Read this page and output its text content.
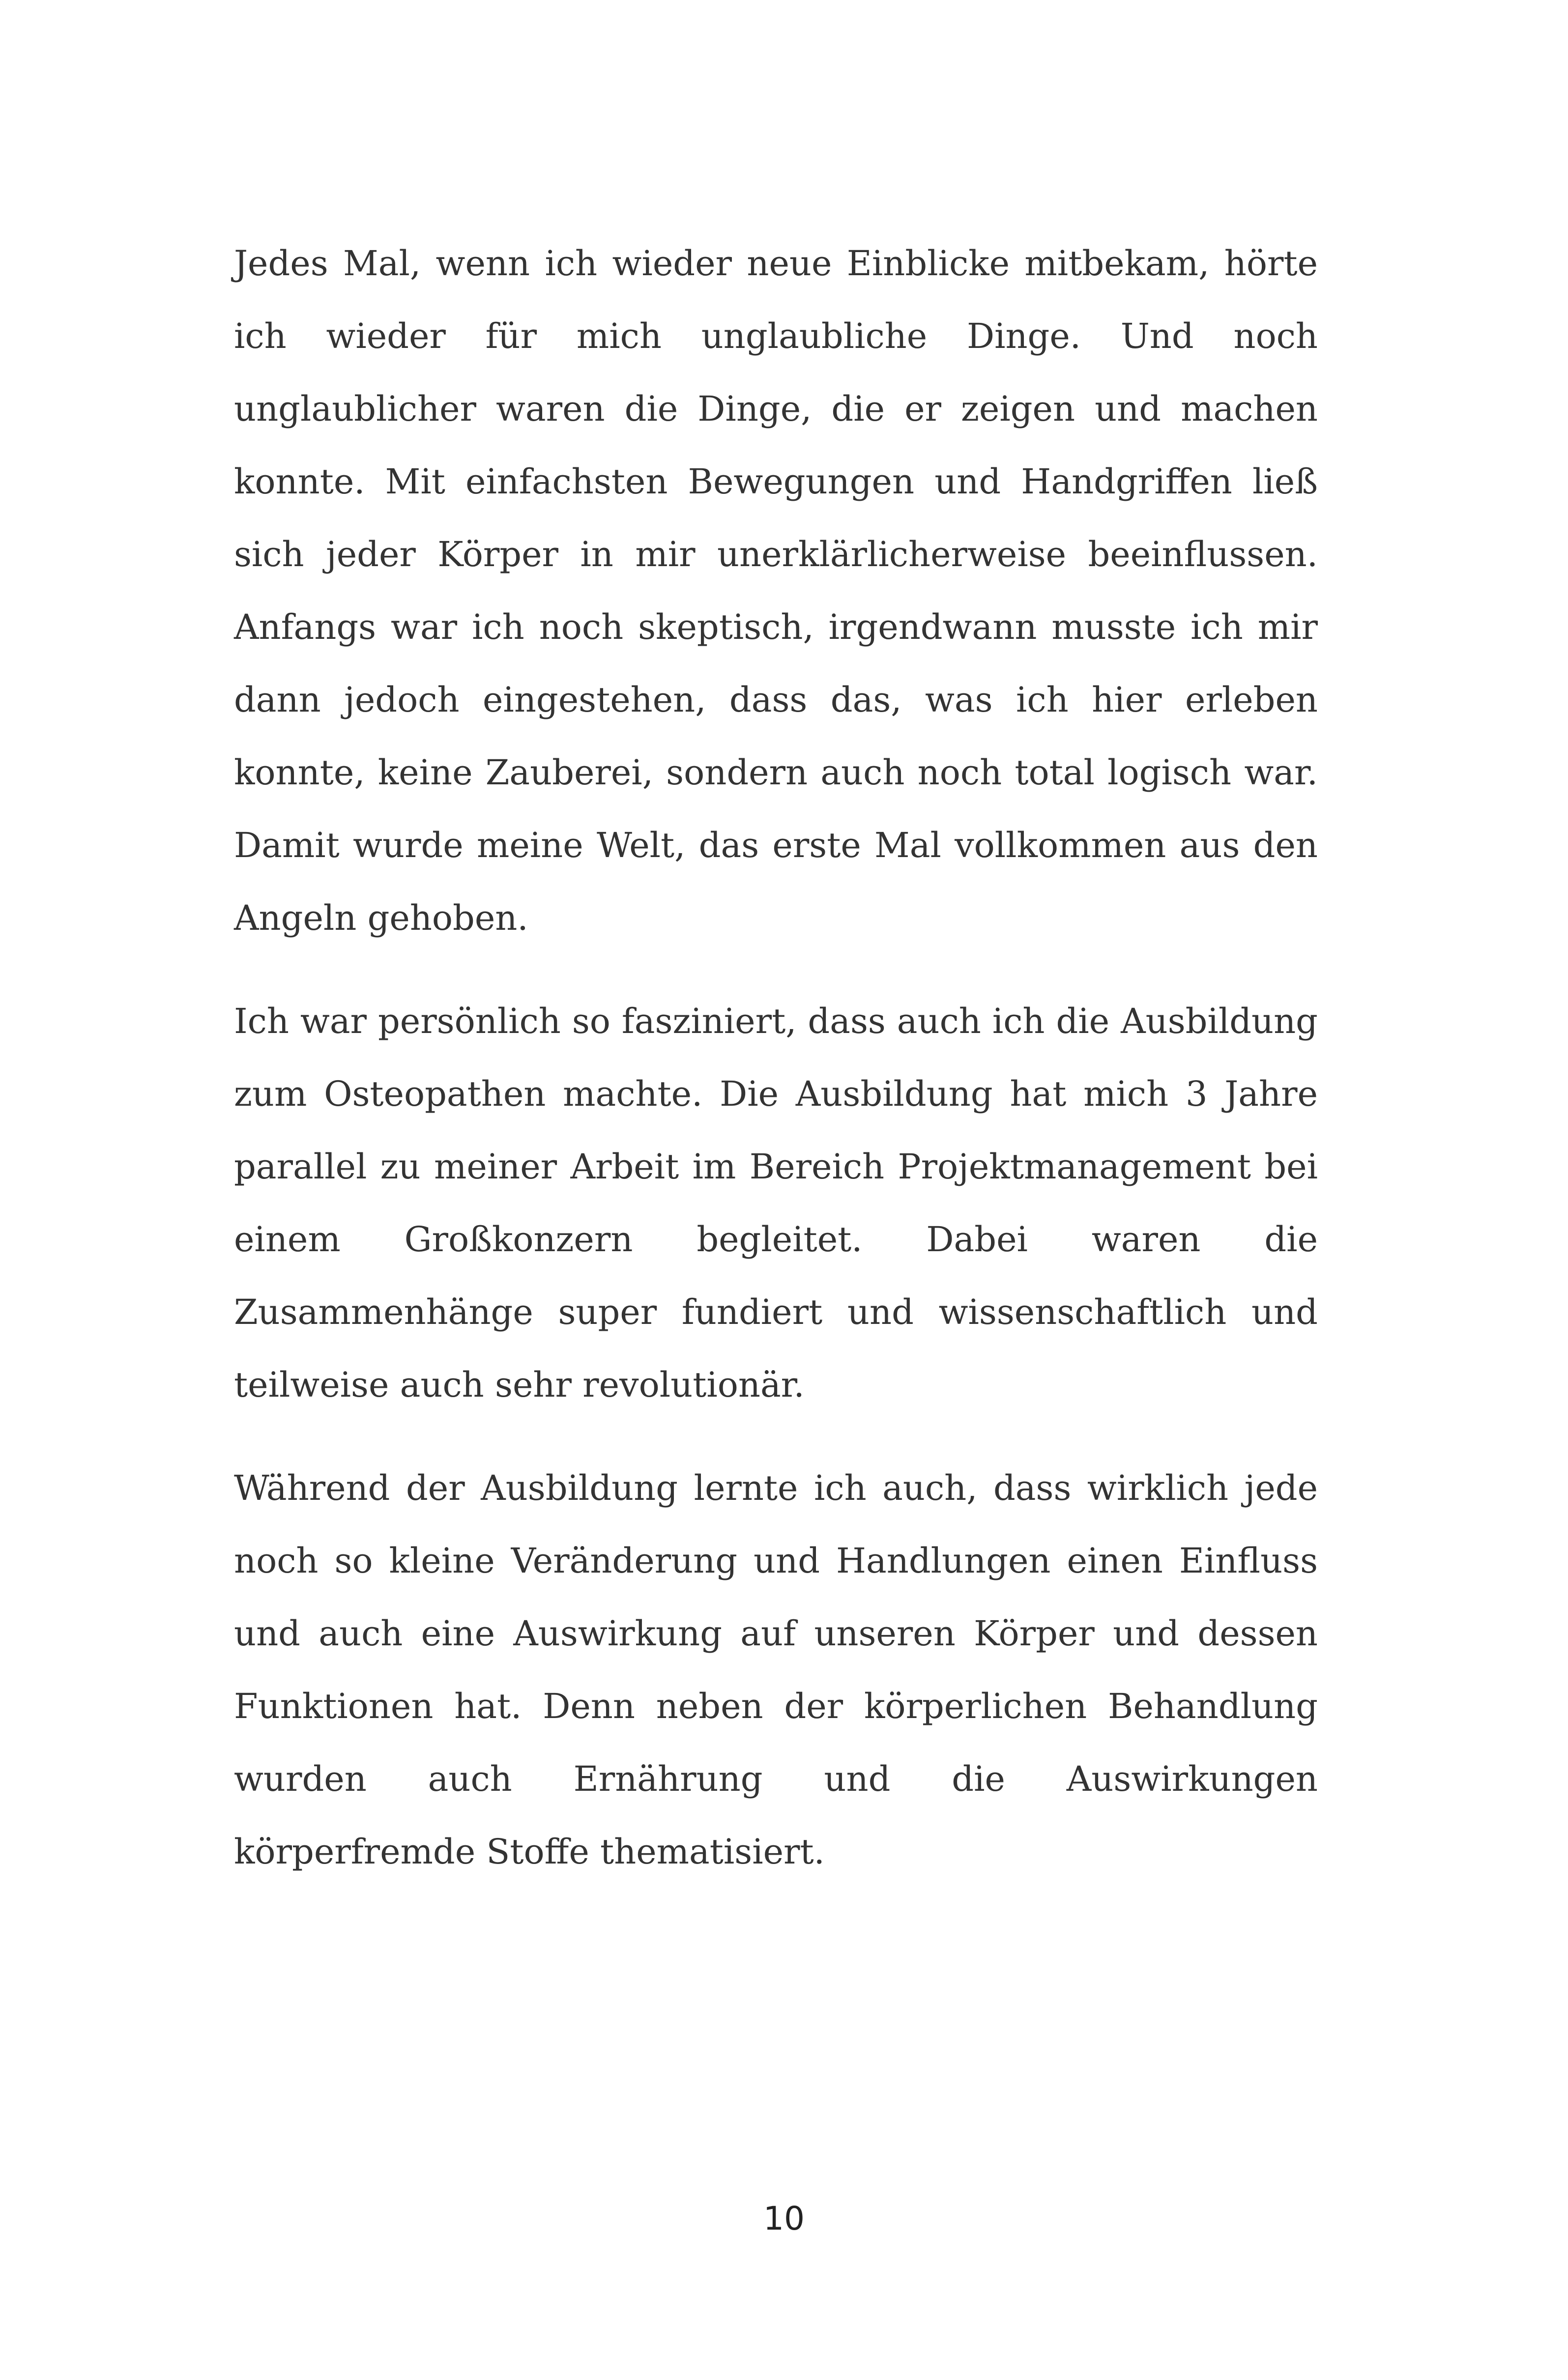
Jedes Mal, wenn ich wieder neue Einblicke mitbekam, hörte ich wieder für mich unglaubliche Dinge. Und noch unglaublicher waren die Dinge, die er zeigen und machen konnte. Mit einfachsten Bewegungen und Handgriffen ließ sich jeder Körper in mir unerklärlicherweise beeinflussen. Anfangs war ich noch skeptisch, irgendwann musste ich mir dann jedoch eingestehen, dass das, was ich hier erleben konnte, keine Zauberei, sondern auch noch total logisch war. Damit wurde meine Welt, das erste Mal vollkommen aus den Angeln gehoben.

Ich war persönlich so fasziniert, dass auch ich die Ausbildung zum Osteopathen machte. Die Ausbildung hat mich 3 Jahre parallel zu meiner Arbeit im Bereich Projektmanagement bei einem Großkonzern begleitet. Dabei waren die Zusammenhänge super fundiert und wissenschaftlich und teilweise auch sehr revolutionär.

Während der Ausbildung lernte ich auch, dass wirklich jede noch so kleine Veränderung und Handlungen einen Einfluss und auch eine Auswirkung auf unseren Körper und dessen Funktionen hat. Denn neben der körperlichen Behandlung wurden auch Ernährung und die Auswirkungen körperfremde Stoffe thematisiert.

10
